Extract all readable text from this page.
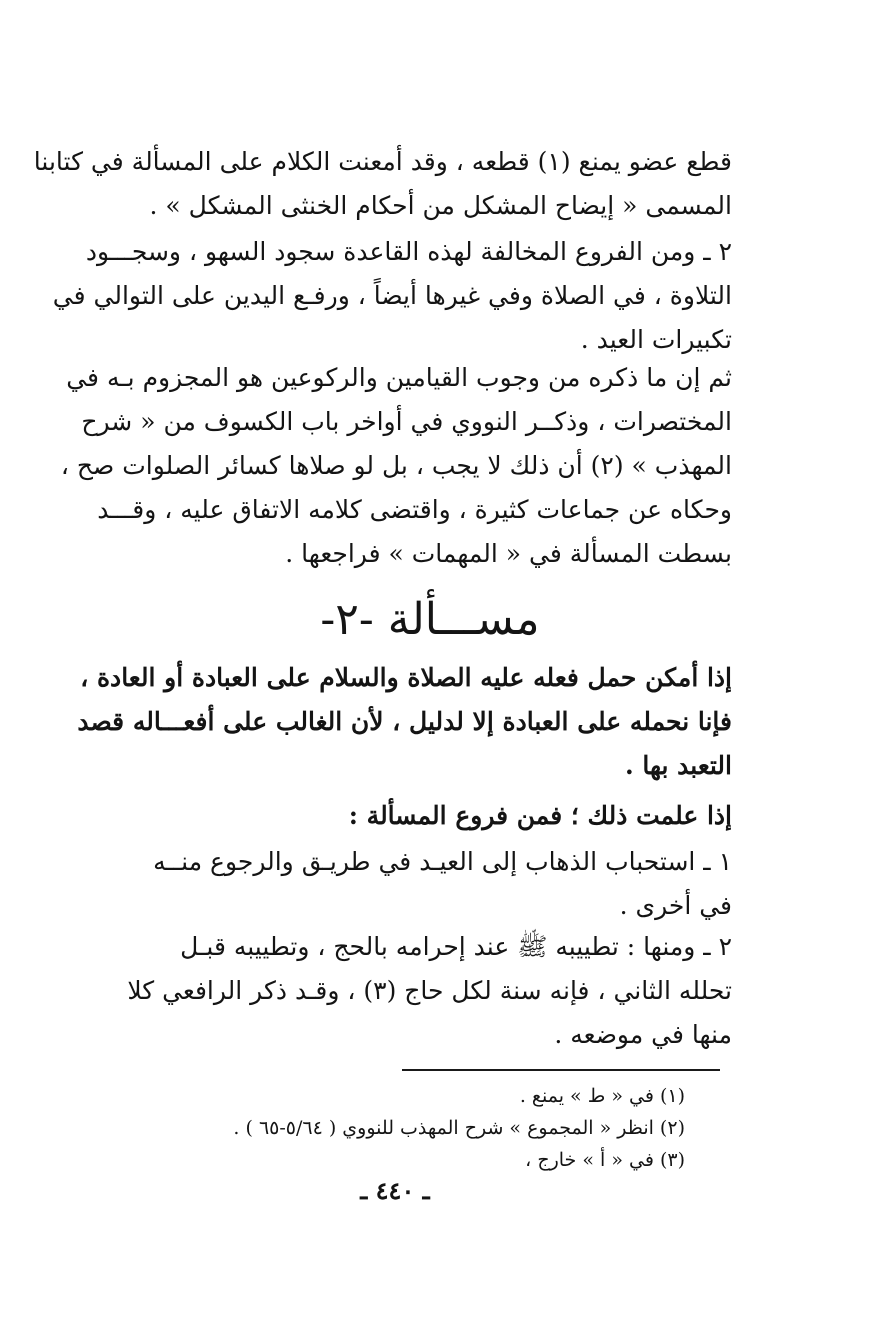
قطع عضو يمنع (١) قطعه ، وقد أمعنت الكلام على المسألة في كتابنا
المسمى « إيضاح المشكل من أحكام الخنثى المشكل » .
٢ ـ ومن الفروع المخالفة لهذه القاعدة سجود السهو ، وسجـــود
التلاوة ، في الصلاة وفي غيرها أيضاً ، ورفـع اليدين على التوالي في
تكبيرات العيد .
ثم إن ما ذكره من وجوب القيامين والركوعين هو المجزوم بـه في
المختصرات ، وذكــر النووي في أواخر باب الكسوف من « شرح
المهذب » (٢) أن ذلك لا يجب ، بل لو صلاها كسائر الصلوات صح ،
وحكاه عن جماعات كثيرة ، واقتضى كلامه الاتفاق عليه ، وقـــد
بسطت المسألة في « المهمات » فراجعها .
مســـألة -٢-
إذا أمكن حمل فعله عليه الصلاة والسلام على العبادة أو العادة ،
فإنا نحمله على العبادة إلا لدليل ، لأن الغالب على أفعـــاله قصد
التعبد بها .
إذا علمت ذلك ؛ فمن فروع المسألة :
١ ـ استحباب الذهاب إلى العيـد في طريـق والرجوع منــه
في أخرى .
٢ ـ ومنها : تطييبه ﷺ عند إحرامه بالحج ، وتطييبه قبـل
تحلله الثاني ، فإنه سنة لكل حاج (٣) ، وقـد ذكر الرافعي كلا
منها في موضعه .
(١) في « ط » يمنع .
(٢) انظر « المجموع » شرح المهذب للنووي ( ٥/٦٤-٦٥ ) .
(٣) في « أ » خارج ،
ـ ٤٤٠ ـ
